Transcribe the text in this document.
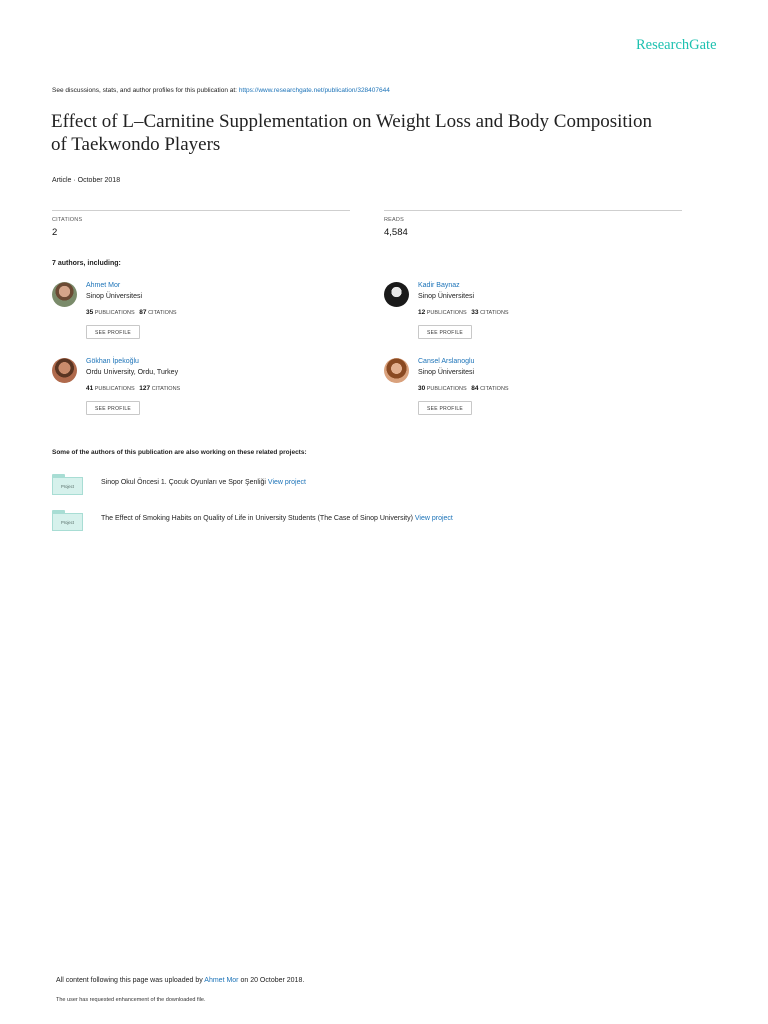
ResearchGate
See discussions, stats, and author profiles for this publication at: https://www.researchgate.net/publication/328407644
Effect of L–Carnitine Supplementation on Weight Loss and Body Composition
of Taekwondo Players
Article · October 2018
CITATIONS
2
READS
4,584
7 authors, including:
Ahmet Mor
Sinop Üniversitesi
35 PUBLICATIONS 87 CITATIONS
SEE PROFILE
Kadir Baynaz
Sinop Üniversitesi
12 PUBLICATIONS 33 CITATIONS
SEE PROFILE
Gökhan İpekoğlu
Ordu University, Ordu, Turkey
41 PUBLICATIONS 127 CITATIONS
SEE PROFILE
Cansel Arslanoglu
Sinop Üniversitesi
30 PUBLICATIONS 84 CITATIONS
SEE PROFILE
Some of the authors of this publication are also working on these related projects:
Project
Sinop Okul Öncesi 1. Çocuk Oyunları ve Spor Şenliği View project
Project
The Effect of Smoking Habits on Quality of Life in University Students (The Case of Sinop University) View project
All content following this page was uploaded by Ahmet Mor on 20 October 2018.
The user has requested enhancement of the downloaded file.
